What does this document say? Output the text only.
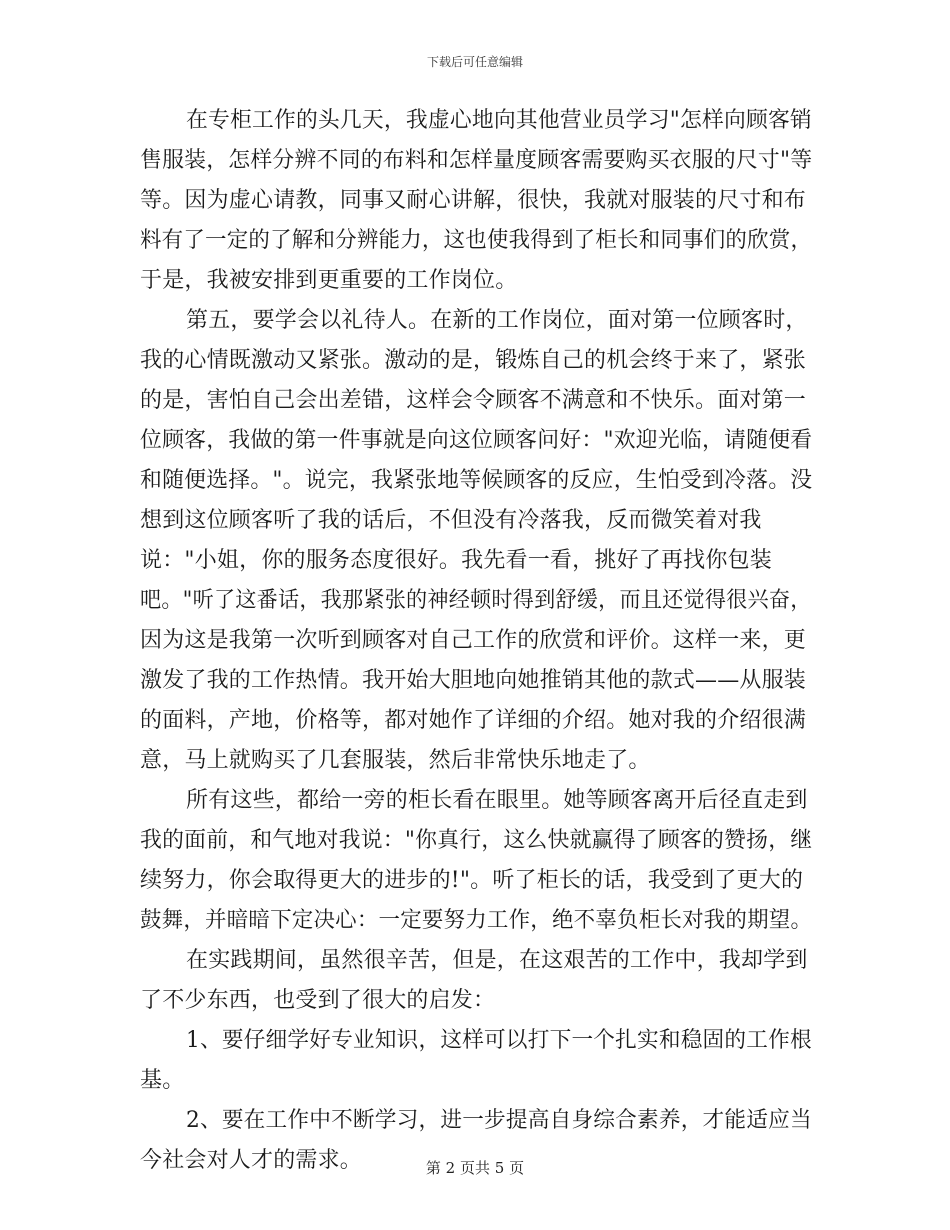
下载后可任意编辑
在专柜工作的头几天，我虚心地向其他营业员学习"怎样向顾客销
售服装，怎样分辨不同的布料和怎样量度顾客需要购买衣服的尺寸"等
等。因为虚心请教，同事又耐心讲解，很快，我就对服装的尺寸和布
料有了一定的了解和分辨能力，这也使我得到了柜长和同事们的欣赏，
于是，我被安排到更重要的工作岗位。
第五，要学会以礼待人。在新的工作岗位，面对第一位顾客时，
我的心情既激动又紧张。激动的是，锻炼自己的机会终于来了，紧张
的是，害怕自己会出差错，这样会令顾客不满意和不快乐。面对第一
位顾客，我做的第一件事就是向这位顾客问好："欢迎光临，请随便看
和随便选择。"。说完，我紧张地等候顾客的反应，生怕受到冷落。没
想到这位顾客听了我的话后，不但没有冷落我，反而微笑着对我
说："小姐，你的服务态度很好。我先看一看，挑好了再找你包装
吧。"听了这番话，我那紧张的神经顿时得到舒缓，而且还觉得很兴奋，
因为这是我第一次听到顾客对自己工作的欣赏和评价。这样一来，更
激发了我的工作热情。我开始大胆地向她推销其他的款式——从服装
的面料，产地，价格等，都对她作了详细的介绍。她对我的介绍很满
意，马上就购买了几套服装，然后非常快乐地走了。
所有这些，都给一旁的柜长看在眼里。她等顾客离开后径直走到
我的面前，和气地对我说："你真行，这么快就赢得了顾客的赞扬，继
续努力，你会取得更大的进步的!"。听了柜长的话，我受到了更大的
鼓舞，并暗暗下定决心：一定要努力工作，绝不辜负柜长对我的期望。
在实践期间，虽然很辛苦，但是，在这艰苦的工作中，我却学到
了不少东西，也受到了很大的启发：
1、要仔细学好专业知识，这样可以打下一个扎实和稳固的工作根
基。
2、要在工作中不断学习，进一步提高自身综合素养，才能适应当
今社会对人才的需求。	第 2 页共 5 页
